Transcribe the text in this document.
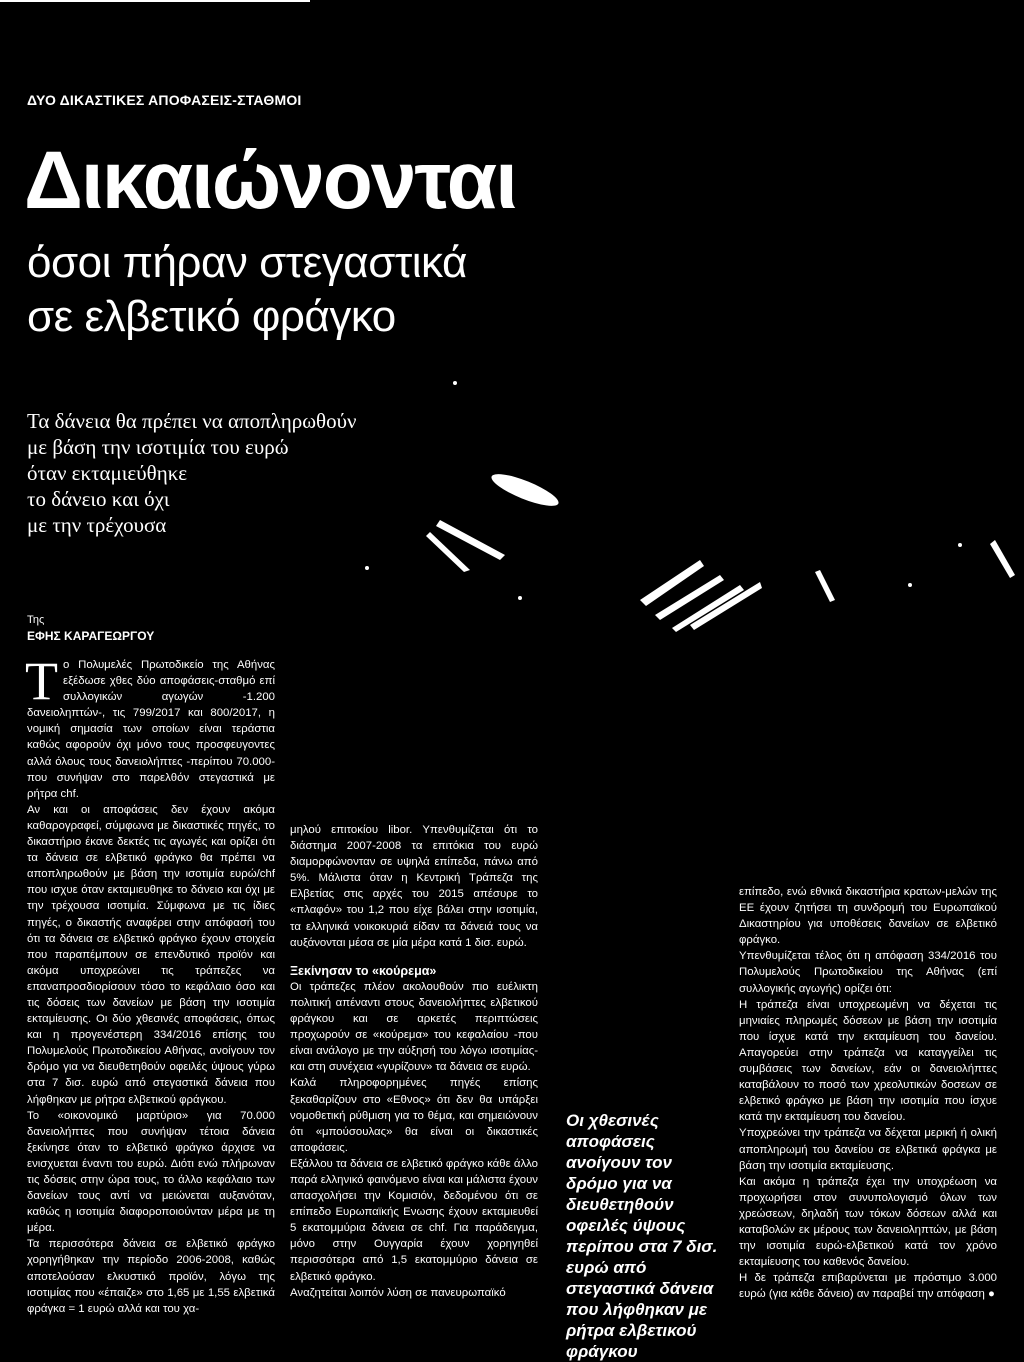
ΔΥΟ ΔΙΚΑΣΤΙΚΕΣ ΑΠΟΦΑΣΕΙΣ-ΣΤΑΘΜΟΙ
Δικαιώνονται
όσοι πήραν στεγαστικά
σε ελβετικό φράγκο
Τα δάνεια θα πρέπει να αποπληρωθούν
με βάση την ισοτιμία του ευρώ
όταν εκταμιεύθηκε
το δάνειο και όχι
με την τρέχουσα
Της
ΕΦΗΣ ΚΑΡΑΓΕΩΡΓΟΥ
Τ ο Πολυμελές Πρωτοδικείο της Αθήνας εξέδωσε χθες δύο αποφάσεις-σταθμό επί συλλογικών αγωγών -1.200 δανειοληπτών-, τις 799/2017 και 800/2017, η νομική σημασία των οποίων είναι τεράστια καθώς αφορούν όχι μόνο τους προσφευγοντες αλλά όλους τους δανειολήπτες -περίπου 70.000- που συνήψαν στο παρελθόν στεγαστικά με ρήτρα chf.

Αν και οι αποφάσεις δεν έχουν ακόμα καθαρογραφεί, σύμφωνα με δικαστικές πηγές, το δικαστήριο έκανε δεκτές τις αγωγές και ορίζει ότι τα δάνεια σε ελβετικό φράγκο θα πρέπει να αποπληρωθούν με βάση την ισοτιμία ευρώ/chf που ισχυε όταν εκταμιευθηκε το δάνειο και όχι με την τρέχουσα ισοτιμία. Σύμφωνα με τις ίδιες πηγές, ο δικαστής αναφέρει στην απόφασή του ότι τα δάνεια σε ελβετικό φράγκο έχουν στοιχεία που παραπέμπουν σε επενδυτικό προϊόν και ακόμα υποχρεώνει τις τράπεζες να επαναπροσδιορίσουν τόσο το κεφάλαιο όσο και τις δόσεις των δανείων με βάση την ισοτιμία εκταμίευσης. Οι δύο χθεσινές αποφάσεις, όπως και η προγενέστερη 334/2016 επίσης του Πολυμελούς Πρωτοδικείου Αθήνας, ανοίγουν τον δρόμο για να διευθετηθούν οφειλές ύψους γύρω στα 7 δισ. ευρώ από στεγαστικά δάνεια που λήφθηκαν με ρήτρα ελβετικού φράγκου.

Το «οικονομικό μαρτύριο» για 70.000 δανειολήπτες που συνήψαν τέτοια δάνεια ξεκίνησε όταν το ελβετικό φράγκο άρχισε να ενισχυεται έναντι του ευρώ. Διότι ενώ πλήρωναν τις δόσεις στην ώρα τους, το άλλο κεφάλαιο των δανείων τους αντί να μειώνεται αυξανόταν, καθώς η ισοτιμία διαφοροποιούνταν μέρα με τη μέρα.

Τα περισσότερα δάνεια σε ελβετικό φράγκο χορηγήθηκαν την περίοδο 2006-2008, καθώς αποτελούσαν ελκυστικό προϊόν, λόγω της ισοτιμίας που «έπαιζε» στο 1,65 με 1,55 ελβετικά φράγκα = 1 ευρώ αλλά και του χα-

μηλού επιτοκίου libor. Υπενθυμίζεται ότι το διάστημα 2007-2008 τα επιτόκια του ευρώ διαμορφώνονταν σε υψηλά επίπεδα, πάνω από 5%. Μάλιστα όταν η Κεντρική Τράπεζα της Ελβετίας στις αρχές του 2015 απέσυρε το «πλαφόν» του 1,2 που είχε βάλει στην ισοτιμία, τα ελληνικά νοικοκυριά είδαν τα δάνειά τους να αυξάνονται μέσα σε μία μέρα κατά 1 δισ. ευρώ.

Ξεκίνησαν το «κούρεμα»

Οι τράπεζες πλέον ακολουθούν πιο ευέλικτη πολιτική απέναντι στους δανειολήπτες ελβετικού φράγκου και σε αρκετές περιπτώσεις προχωρούν σε «κούρεμα» του κεφαλαίου -που είναι ανάλογο με την αύξησή του λόγω ισοτιμίας- και στη συνέχεια «γυρίζουν» τα δάνεια σε ευρώ.

Καλά πληροφορημένες πηγές επίσης ξεκαθαρίζουν στο «Εθνος» ότι δεν θα υπάρξει νομοθετική ρύθμιση για το θέμα, και σημειώνουν ότι «μπούσουλας» θα είναι οι δικαστικές αποφάσεις.

Εξάλλου τα δάνεια σε ελβετικό φράγκο κάθε άλλο παρά ελληνικό φαινόμενο είναι και μάλιστα έχουν απασχολήσει την Κομισιόν, δεδομένου ότι σε επίπεδο Ευρωπαϊκής Ενωσης έχουν εκταμιευθεί 5 εκατομμύρια δάνεια σε chf. Για παράδειγμα, μόνο στην Ουγγαρία έχουν χορηγηθεί περισσότερα από 1,5 εκατομμύριο δάνεια σε ελβετικό φράγκο.

Αναζητείται λοιπόν λύση σε πανευρωπαϊκό

Οι χθεσινές αποφάσεις ανοίγουν τον δρόμο για να διευθετηθούν οφειλές ύψους περίπου στα 7 δισ. ευρώ από στεγαστικά δάνεια που λήφθηκαν με ρήτρα ελβετικού φράγκου

επίπεδο, ενώ εθνικά δικαστήρια κρατων-μελών της ΕΕ έχουν ζητήσει τη συνδρομή του Ευρωπαϊκού Δικαστηρίου για υποθέσεις δανείων σε ελβετικό φράγκο.

Υπενθυμίζεται τέλος ότι η απόφαση 334/2016 του Πολυμελούς Πρωτοδικείου της Αθήνας (επί συλλογικής αγωγής) ορίζει ότι:

Η τράπεζα είναι υποχρεωμένη να δέχεται τις μηνιαίες πληρωμές δόσεων με βάση την ισοτιμία που ίσχυε κατά την εκταμίευση του δανείου. Απαγορεύει στην τράπεζα να καταγγείλει τις συμβάσεις των δανείων, εάν οι δανειολήπτες καταβάλουν το ποσό των χρεολυτικών δοσεων σε ελβετικό φράγκο με βάση την ισοτιμία που ίσχυε κατά την εκταμίευση του δανείου.

Υποχρεώνει την τράπεζα να δέχεται μερική ή ολική αποπληρωμή του δανείου σε ελβετικά φράγκα με βάση την ισοτιμία εκταμίευσης.

Και ακόμα η τράπεζα έχει την υποχρέωση να προχωρήσει στον συνυπολογισμό όλων των χρεώσεων, δηλαδή των τόκων δόσεων αλλά και καταβολών εκ μέρους των δανειοληπτών, με βάση την ισοτιμία ευρώ-ελβετικού κατά τον χρόνο εκταμίευσης του καθενός δανείου.

Η δε τράπεζα επιβαρύνεται με πρόστιμο 3.000 ευρώ (για κάθε δάνειο) αν παραβεί την απόφαση ●
